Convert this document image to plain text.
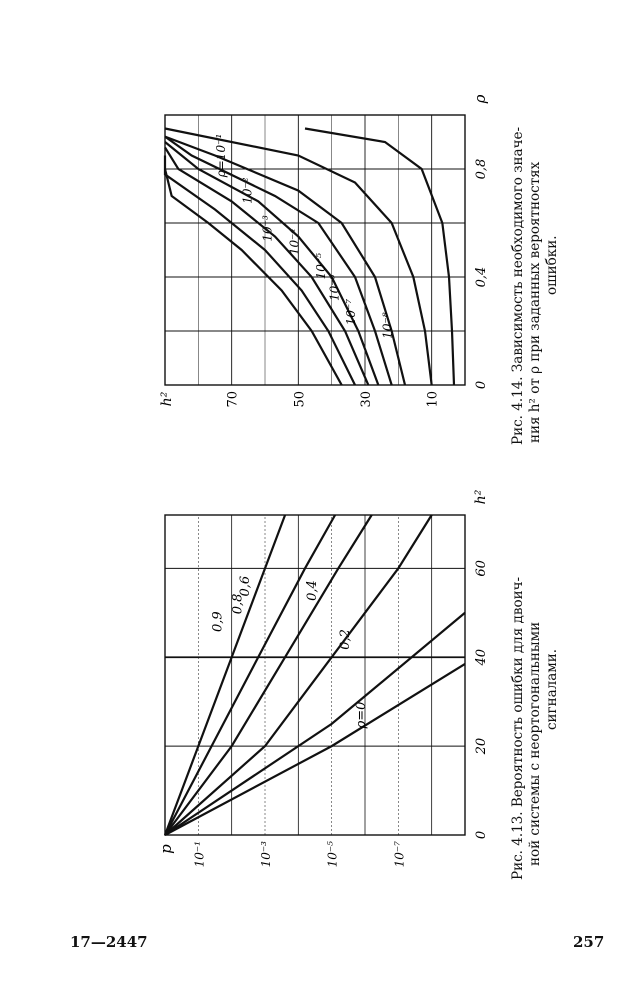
0
20
40
60
10⁻¹	10⁻³	10⁻⁵	10⁻⁷
h²
p
ρ=0
0,2
0,4
0,6
0,8
0,9	Рис. 4.13. Вероятность ошибки для двоич- ной системы с неортогональными сигналами.
0
0,4
0,8
10
30
50
70
ρ
h²
ρ=10⁻¹
10⁻²
10⁻³
10⁻⁴
10⁻⁵
10⁻⁶
10⁻⁷
10⁻⁸	Рис. 4.14. Зависимость необходимого значе- ния h² от ρ при заданных вероятностях ошибки.
17—2447	257
